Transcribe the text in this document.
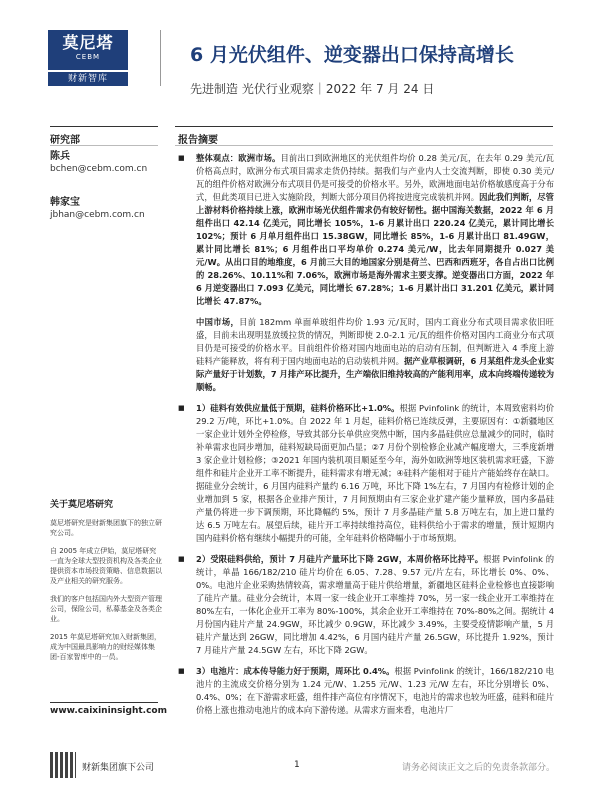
莫尼塔
CEBM
财新智库
6 月光伏组件、逆变器出口保持高增长
先进制造 光伏行业观察｜2022 年 7 月 24 日
研究部	报告摘要
陈兵
bchen@cebm.com.cn
韩家宝
jbhan@cebm.com.cn
关于莫尼塔研究

莫尼塔研究是财新集团旗下的独立研究公司。

自 2005 年成立伊始，莫尼塔研究一直为全球大型投资机构及各类企业提供资本市场投资策略、信息数据以及产业相关的研究服务。

我们的客户包括国内外大型资产管理公司，保险公司，私募基金及各类企业。

2015 年莫尼塔研究加入财新集团，成为中国最具影响力的财经媒体集团-百家智库中的一员。

www.caixininsight.com
■	整体观点：欧洲市场。目前出口到欧洲地区的光伏组件均价 0.28 美元/瓦，在去年 0.29 美元/瓦价格高点时，欧洲分布式项目需求走货仍持续。据我们与产业内人士交流判断，即使 0.30 美元/瓦的组件价格对欧洲分布式项目仍是可接受的价格水平。另外，欧洲地面电站价格敏感度高于分布式，但此类项目已进入实施阶段，判断大部分项目仍将按进度完成装机并网。因此我们判断，尽管上游材料价格持续上涨，欧洲市场光伏组件需求仍有较好韧性。据中国海关数据，2022 年 6 月组件出口 42.14 亿美元，同比增长 105%，1-6 月累计出口 220.24 亿美元，累计同比增长 102%；预计 6 月单月组件出口 15.38GW，同比增长 85%，1-6 月累计出口 81.49GW，累计同比增长 81%；6 月组件出口平均单价 0.274 美元/W，比去年同期提升 0.027 美元/W。从出口目的地维度，6 月前三大目的地国家分别是荷兰、巴西和西班牙，各自占出口比例的 28.26%、10.11%和 7.06%，欧洲市场是海外需求主要支撑。逆变器出口方面，2022 年 6 月逆变器出口 7.093 亿美元，同比增长 67.28%；1-6 月累计出口 31.201 亿美元，累计同比增长 47.87%。
中国市场，目前 182mm 单面单玻组件均价 1.93 元/瓦时，国内工商业分布式项目需求依旧旺盛，目前未出现明显放缓拉货的情况，判断即使 2.0-2.1 元/瓦的组件价格对国内工商业分布式项目仍是可接受的价格水平。目前组件价格对国内地面电站的启动有压制，但判断进入 4 季度上游硅料产能释放，将有利于国内地面电站的启动装机并网。据产业草根调研，6 月某组件龙头企业实际产量好于计划数，7 月排产环比提升，生产端依旧维持较高的产能利用率，成本向终端传递较为顺畅。
■	1）硅料有效供应量低于预期，硅料价格环比+1.0%。根据 Pvinfolink 的统计，本周致密料均价 29.2 万/吨，环比+1.0%。自 2022 年 1 月起，硅料价格已连续反弹，主要原因有：①新疆地区一家企业计划外全停检修，导致其部分长单供应突然中断，国内多晶硅供应总量减少的同时，临时补单需求也同步增加，硅料短缺局面更加凸显；②7 月份个别检修企业减产幅度增大，三季度新增 3 家企业计划检修；③2021 年国内装机项目顺延至今年，海外如欧洲等地区装机需求旺盛，下游组件和硅片企业开工率不断提升，硅料需求有增无减；④硅料产能相对于硅片产能始终存在缺口。据硅业分会统计，6 月国内硅料产量约 6.16 万吨，环比下降 1%左右，7 月国内有检修计划的企业增加到 5 家，根据各企业排产预计，7 月间预期由有三家企业扩建产能少量释放，国内多晶硅产量仍将进一步下调预期，环比降幅约 5%，预计 7 月多晶硅产量 5.8 万吨左右，加上进口量约达 6.5 万吨左右。展望后续，硅片开工率持续维持高位，硅料供给小于需求的增量，预计短期内国内硅料价格有继续小幅提升的可能，全年硅料价格降幅小于市场预期。
■	2）受限硅料供给，预计 7 月硅片产量环比下降 2GW，本周价格环比持平。根据 Pvinfolink 的统计，单晶 166/182/210 硅片均价在 6.05、7.28、9.57 元/片左右，环比增长 0%、0%、0%。电池片企业采购热情较高，需求增量高于硅片供给增量，新疆地区硅料企业检修也直接影响了硅片产量。硅业分会统计，本周一家一线企业开工率维持 70%，另一家一线企业开工率维持在 80%左右，一体化企业开工率为 80%-100%，其余企业开工率维持在 70%-80%之间。据统计 4 月份国内硅片产量 24.9GW，环比减少 0.9GW，环比减少 3.49%，主要受疫情影响产量，5 月硅片产量达到 26GW，同比增加 4.42%，6 月国内硅片产量 26.5GW，环比提升 1.92%，预计 7 月硅片产量 24.5GW 左右，环比下降 2GW。
■	3）电池片：成本传导能力好于预期，周环比 0.4%。根据 Pvinfolink 的统计，166/182/210 电池片的主流成交价格分别为 1.24 元/W、1.255 元/W、1.23 元/W 左右，环比分别增长 0%、0.4%、0%；在下游需求旺盛，组件排产高位有序情况下，电池片的需求也较为旺盛，硅料和硅片价格上涨也推动电池片的成本向下游传递。从需求方面来看，电池片厂
财新集团旗下公司	1	请务必阅读正文之后的免责条款部分。
